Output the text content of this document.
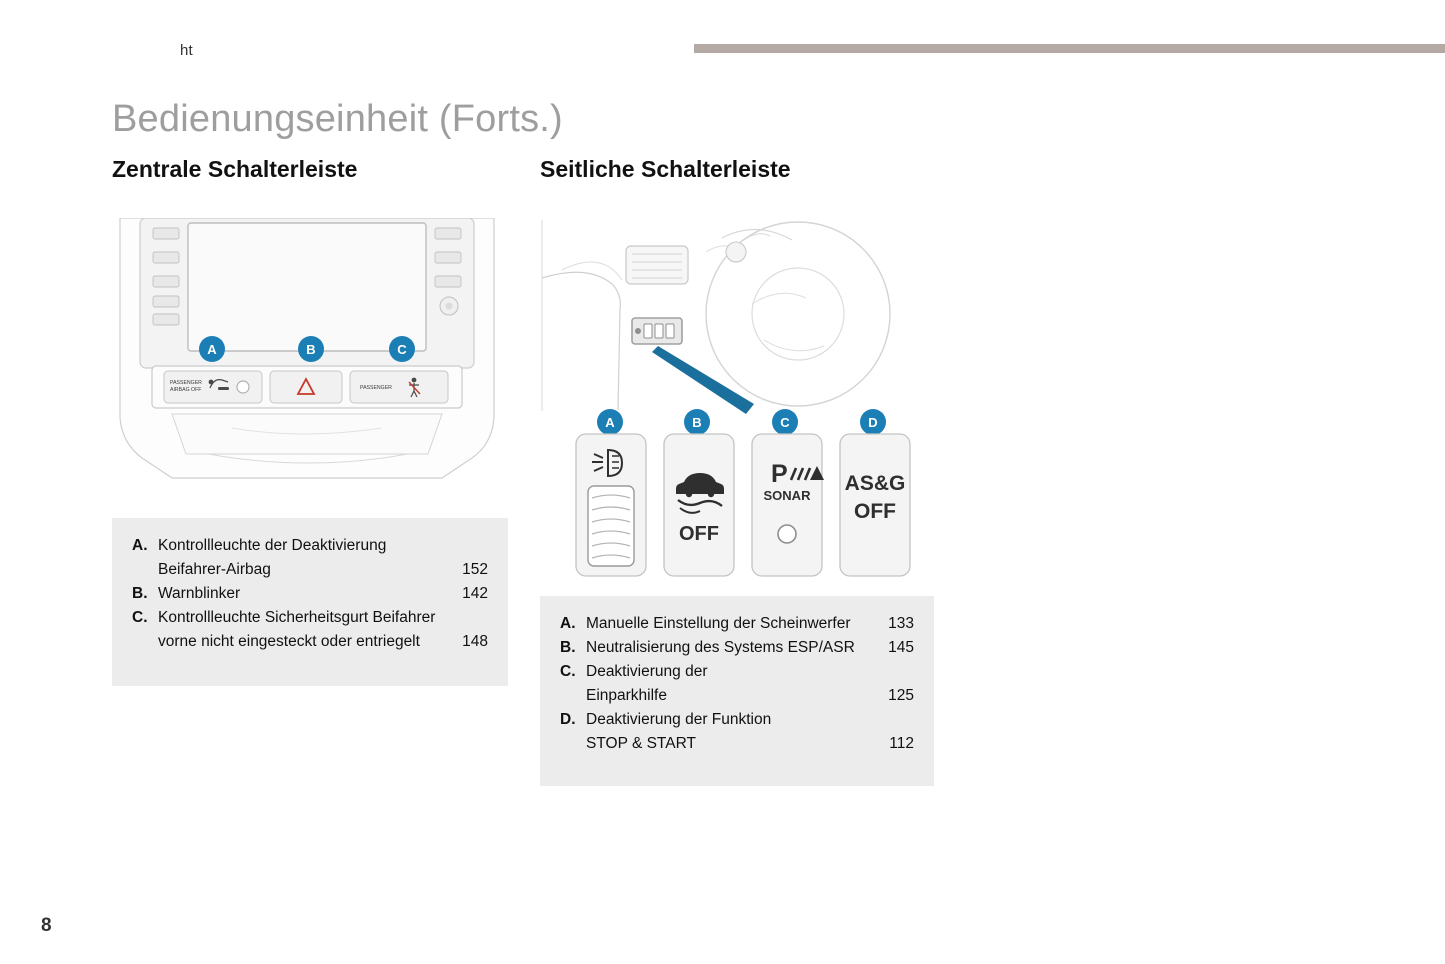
ht
Bedienungseinheit (Forts.)
Zentrale Schalterleiste	Seitliche Schalterleiste
PASSENGER
AIRBAG OFF	PASSENGER
A	B	C
A	B	C	D
OFF
P
SONAR
AS&G
OFF
A. Kontrollleuchte der Deaktivierung
Beifahrer-Airbag	152
B. Warnblinker	142
C. Kontrollleuchte Sicherheitsgurt Beifahrer
vorne nicht eingesteckt oder entriegelt	148
A. Manuelle Einstellung der Scheinwerfer	133
B. Neutralisierung des Systems ESP/ASR	145
C. Deaktivierung der
Einparkhilfe	125
D. Deaktivierung der Funktion
STOP & START	112
8
